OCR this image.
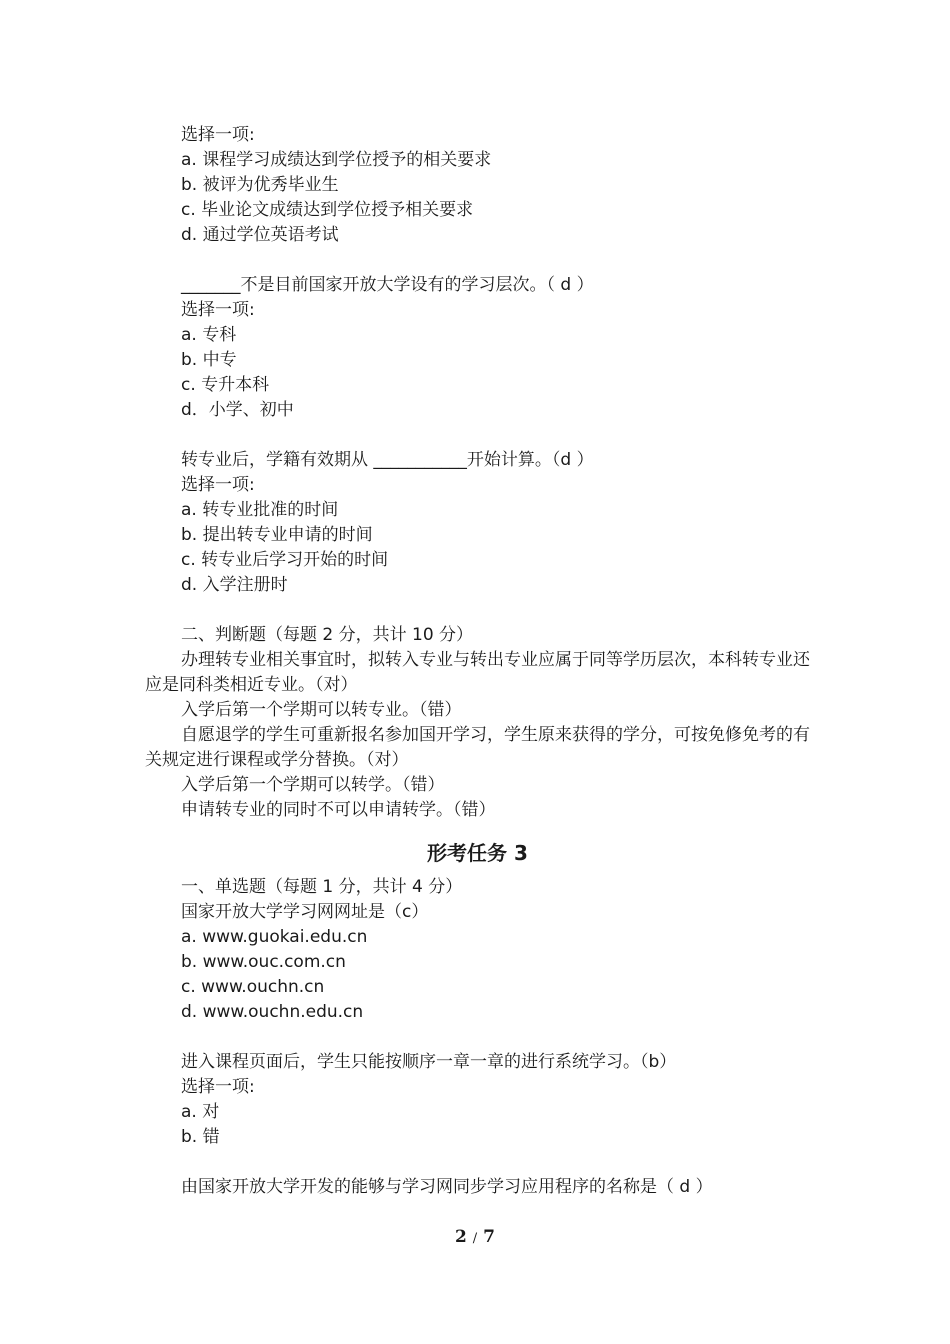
选择一项:

a. 课程学习成绩达到学位授予的相关要求

b. 被评为优秀毕业生

c. 毕业论文成绩达到学位授予相关要求

d. 通过学位英语考试

_______不是目前国家开放大学设有的学习层次。（ d ）

选择一项:

a. 专科

b. 中专

c. 专升本科

d．小学、初中

转专业后，学籍有效期从 ___________开始计算。（d ）

选择一项:

a. 转专业批准的时间

b. 提出转专业申请的时间

c. 转专业后学习开始的时间

d. 入学注册时

二、判断题（每题 2 分，共计 10 分）

办理转专业相关事宜时，拟转入专业与转出专业应属于同等学历层次，本科转专业还应是同科类相近专业。（对）

入学后第一个学期可以转专业。（错）

自愿退学的学生可重新报名参加国开学习，学生原来获得的学分，可按免修免考的有关规定进行课程或学分替换。（对）

入学后第一个学期可以转学。（错）

申请转专业的同时不可以申请转学。（错）

形考任务 3

一、单选题（每题 1 分，共计 4 分）

国家开放大学学习网网址是（c）

a. www.guokai.edu.cn

b. www.ouc.com.cn

c. www.ouchn.cn

d. www.ouchn.edu.cn

进入课程页面后，学生只能按顺序一章一章的进行系统学习。（b）

选择一项:

a. 对

b. 错

由国家开放大学开发的能够与学习网同步学习应用程序的名称是（ d ）

2 / 7
